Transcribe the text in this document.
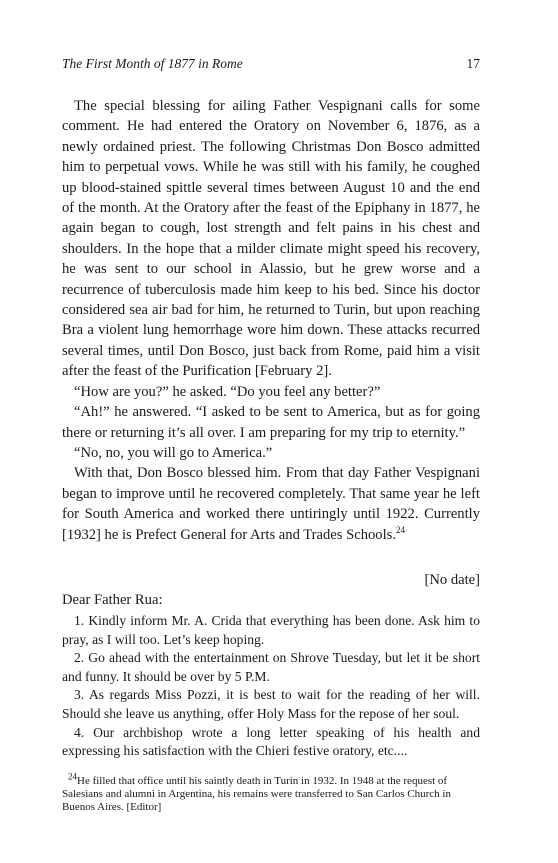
The First Month of 1877 in Rome	17

The special blessing for ailing Father Vespignani calls for some comment. He had entered the Oratory on November 6, 1876, as a newly ordained priest. The following Christmas Don Bosco admitted him to perpetual vows. While he was still with his family, he coughed up blood-stained spittle several times between August 10 and the end of the month. At the Oratory after the feast of the Epiphany in 1877, he again began to cough, lost strength and felt pains in his chest and shoulders. In the hope that a milder climate might speed his recovery, he was sent to our school in Alassio, but he grew worse and a recurrence of tuberculosis made him keep to his bed. Since his doctor considered sea air bad for him, he returned to Turin, but upon reaching Bra a violent lung hemorrhage wore him down. These attacks recurred several times, until Don Bosco, just back from Rome, paid him a visit after the feast of the Purification [February 2].

“How are you?” he asked. “Do you feel any better?”

“Ah!” he answered. “I asked to be sent to America, but as for going there or returning it’s all over. I am preparing for my trip to eternity.”

“No, no, you will go to America.”

With that, Don Bosco blessed him. From that day Father Vespignani began to improve until he recovered completely. That same year he left for South America and worked there untiringly until 1922. Currently [1932] he is Prefect General for Arts and Trades Schools.$^{24}$

[No date]
Dear Father Rua:

1. Kindly inform Mr. A. Crida that everything has been done. Ask him to pray, as I will too. Let’s keep hoping.

2. Go ahead with the entertainment on Shrove Tuesday, but let it be short and funny. It should be over by 5 P.M.

3. As regards Miss Pozzi, it is best to wait for the reading of her will. Should she leave us anything, offer Holy Mass for the repose of her soul.

4. Our archbishop wrote a long letter speaking of his health and expressing his satisfaction with the Chieri festive oratory, etc....

$^{24}$He filled that office until his saintly death in Turin in 1932. In 1948 at the request of Salesians and alumni in Argentina, his remains were transferred to San Carlos Church in Buenos Aires. [Editor]
